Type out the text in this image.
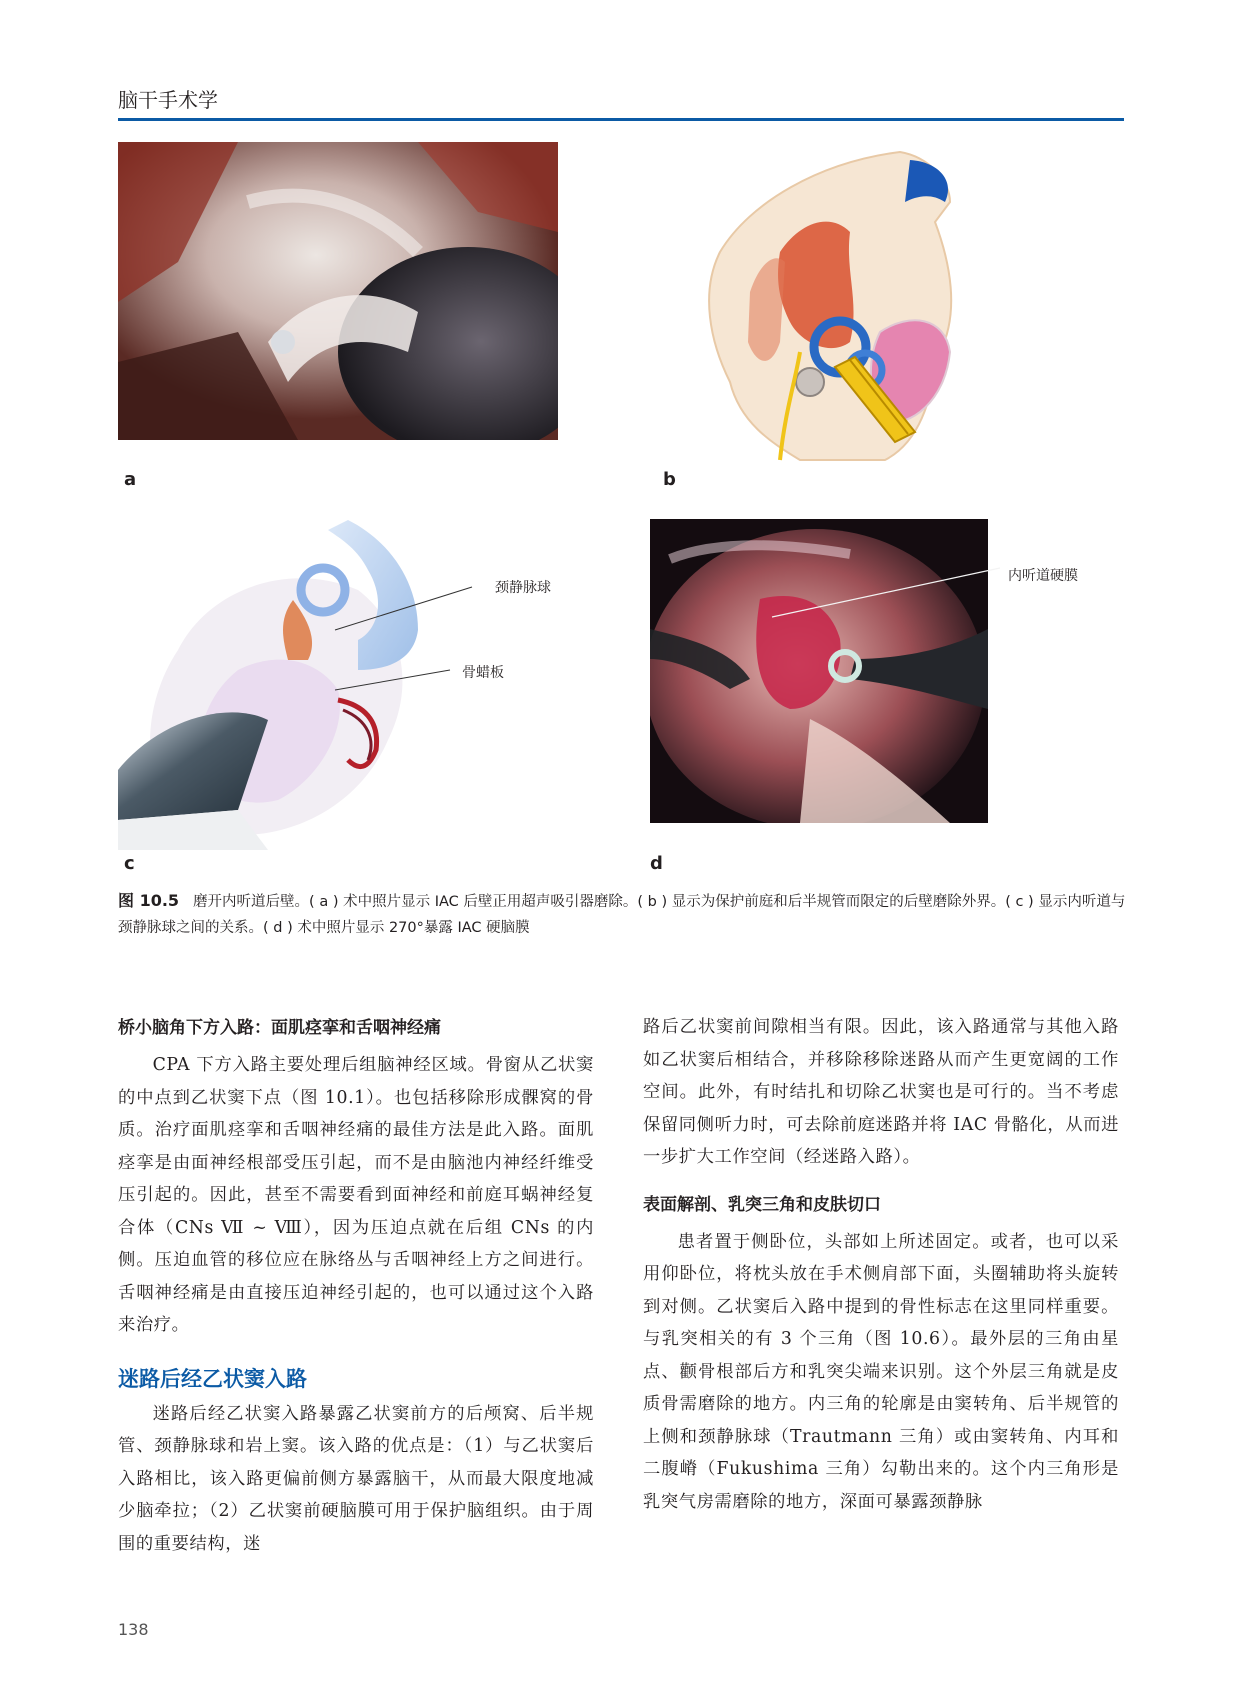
脑干手术学
a	b
颈静脉球
骨蜡板
c
内听道硬膜
d
图 10.5 磨开内听道后壁。( a ) 术中照片显示 IAC 后壁正用超声吸引器磨除。( b ) 显示为保护前庭和后半规管而限定的后壁磨除外界。( c ) 显示内听道与颈静脉球之间的关系。( d ) 术中照片显示 270°暴露 IAC 硬脑膜
桥小脑角下方入路：面肌痉挛和舌咽神经痛

CPA 下方入路主要处理后组脑神经区域。骨窗从乙状窦的中点到乙状窦下点（图 10.1）。也包括移除形成髁窝的骨质。治疗面肌痉挛和舌咽神经痛的最佳方法是此入路。面肌痉挛是由面神经根部受压引起，而不是由脑池内神经纤维受压引起的。因此，甚至不需要看到面神经和前庭耳蜗神经复合体（CNs Ⅶ ~ Ⅷ），因为压迫点就在后组 CNs 的内侧。压迫血管的移位应在脉络丛与舌咽神经上方之间进行。舌咽神经痛是由直接压迫神经引起的，也可以通过这个入路来治疗。

迷路后经乙状窦入路

迷路后经乙状窦入路暴露乙状窦前方的后颅窝、后半规管、颈静脉球和岩上窦。该入路的优点是：（1）与乙状窦后入路相比，该入路更偏前侧方暴露脑干，从而最大限度地减少脑牵拉；（2）乙状窦前硬脑膜可用于保护脑组织。由于周围的重要结构，迷

路后乙状窦前间隙相当有限。因此，该入路通常与其他入路如乙状窦后相结合，并移除移除迷路从而产生更宽阔的工作空间。此外，有时结扎和切除乙状窦也是可行的。当不考虑保留同侧听力时，可去除前庭迷路并将 IAC 骨骼化，从而进一步扩大工作空间（经迷路入路）。

表面解剖、乳突三角和皮肤切口

患者置于侧卧位，头部如上所述固定。或者，也可以采用仰卧位，将枕头放在手术侧肩部下面，头圈辅助将头旋转到对侧。乙状窦后入路中提到的骨性标志在这里同样重要。与乳突相关的有 3 个三角（图 10.6）。最外层的三角由星点、颧骨根部后方和乳突尖端来识别。这个外层三角就是皮质骨需磨除的地方。内三角的轮廓是由窦转角、后半规管的上侧和颈静脉球（Trautmann 三角）或由窦转角、内耳和二腹嵴（Fukushima 三角）勾勒出来的。这个内三角形是乳突气房需磨除的地方，深面可暴露颈静脉

138
